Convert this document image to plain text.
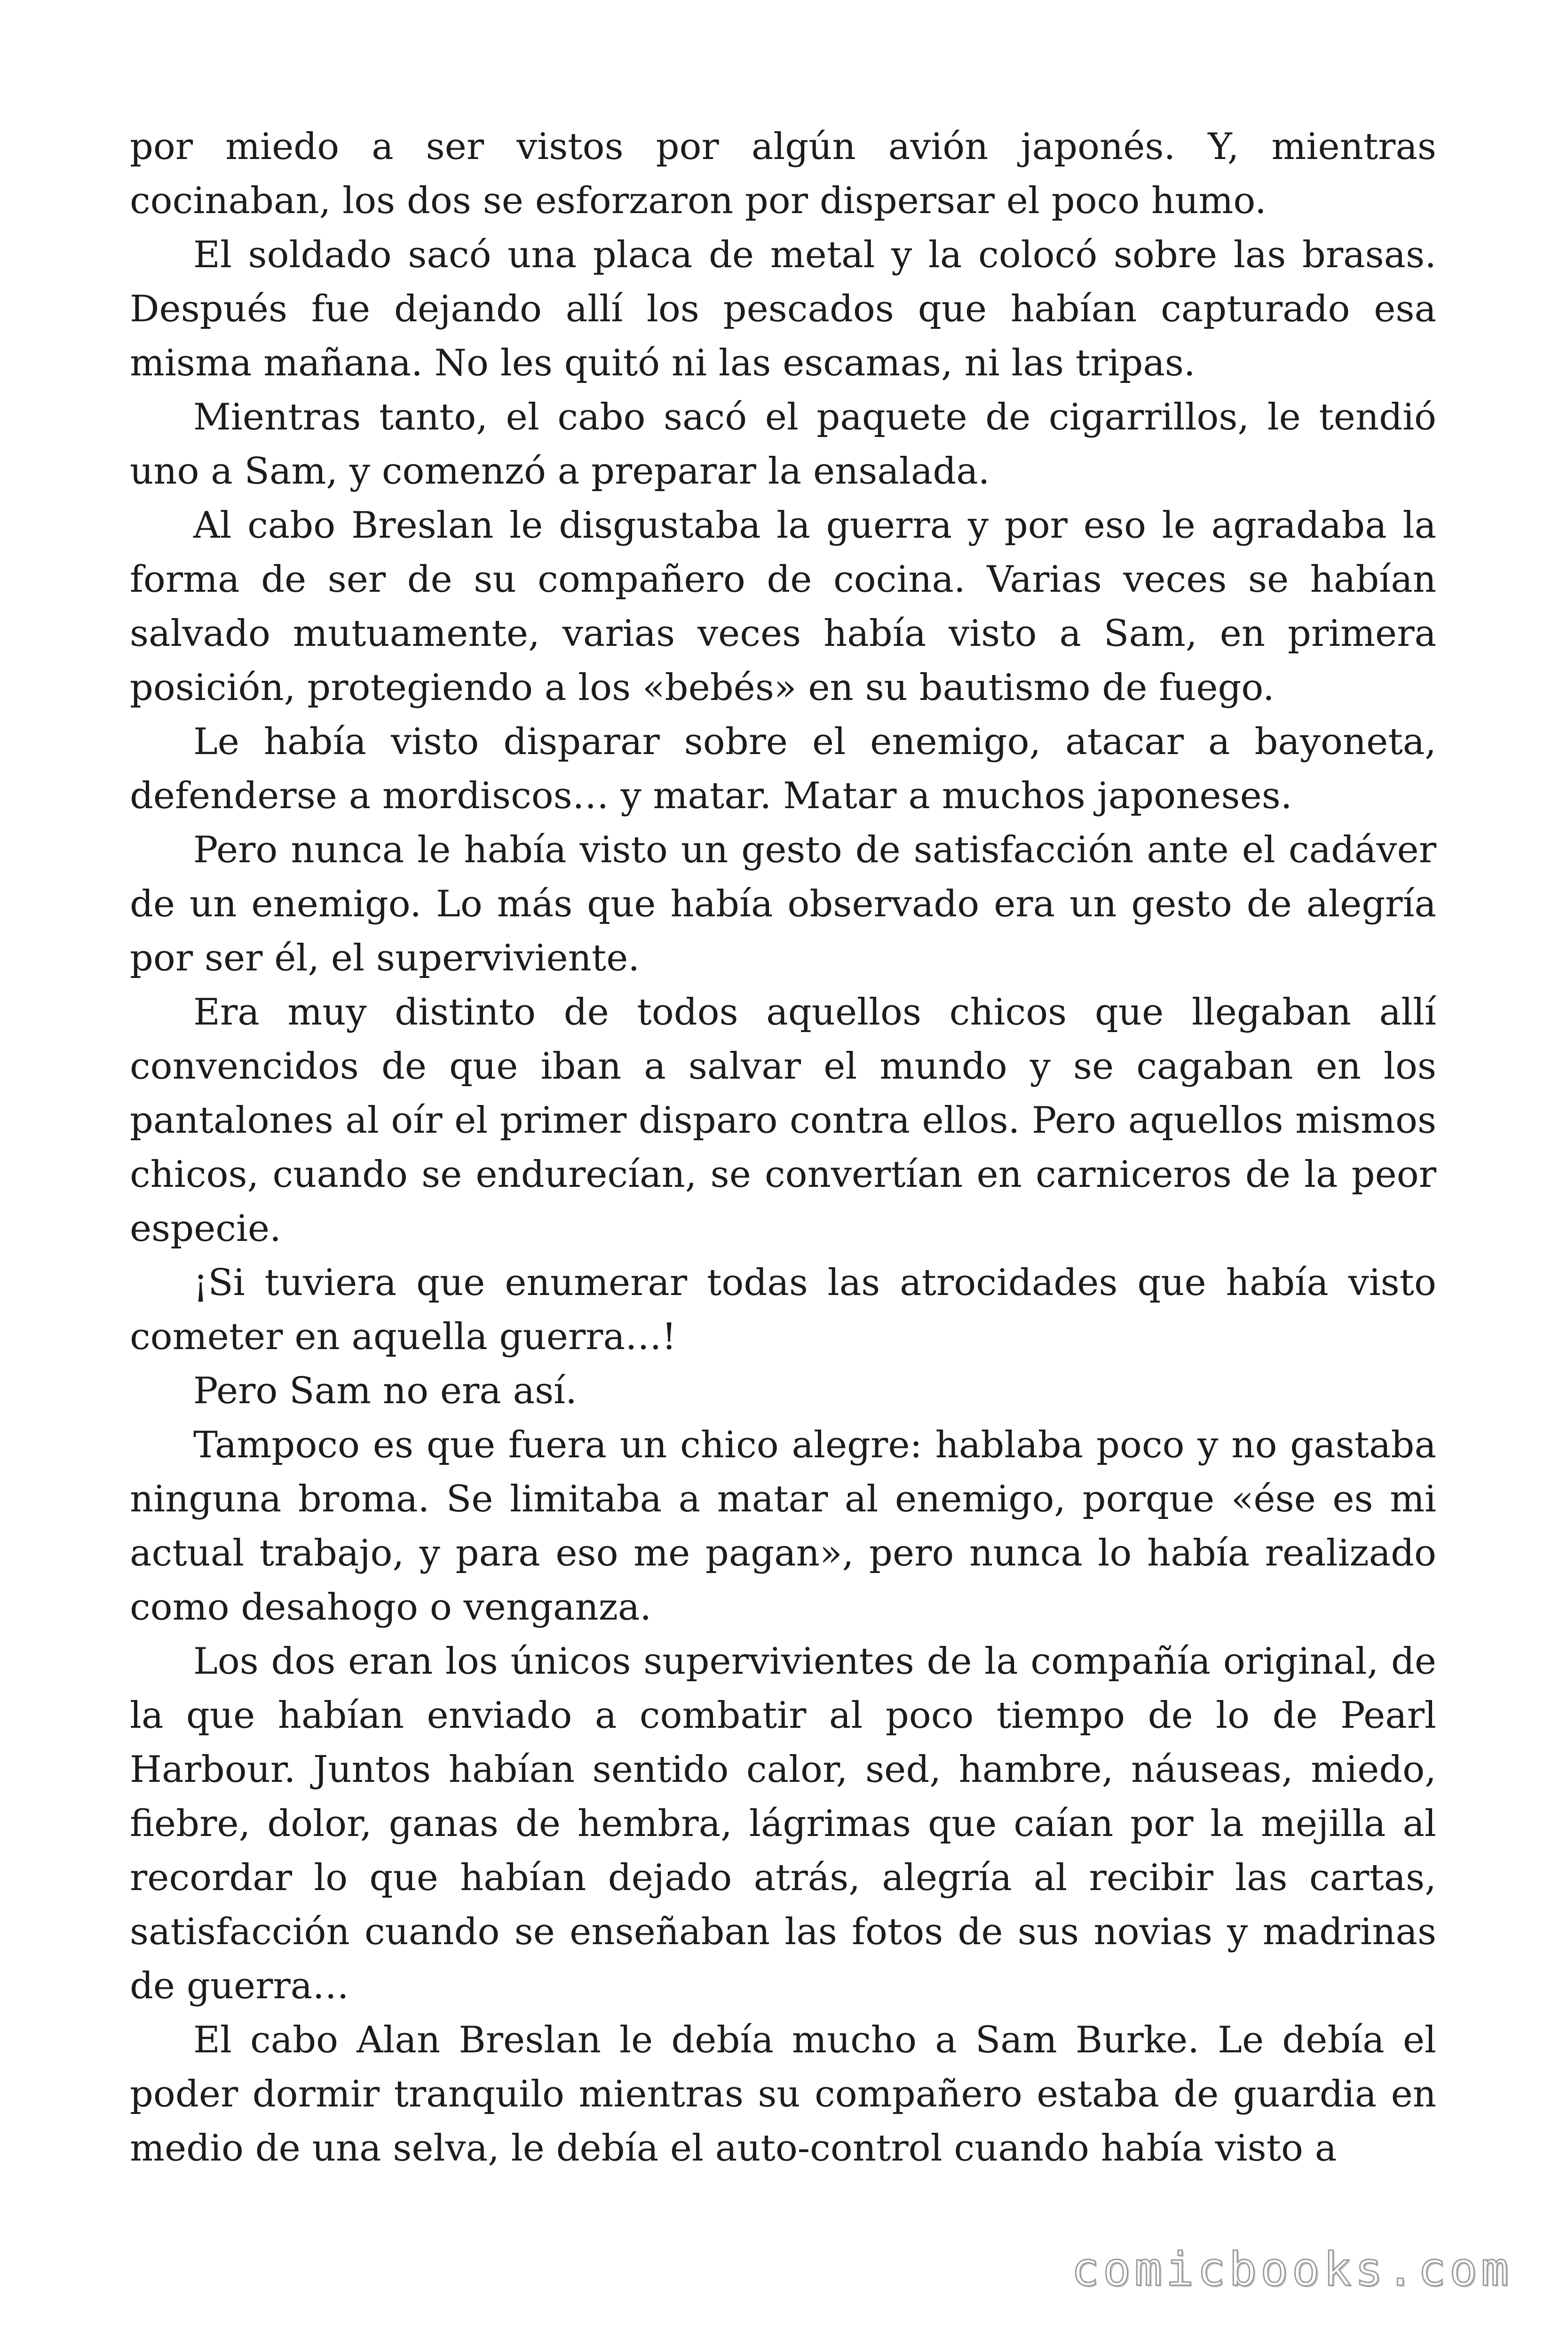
por miedo a ser vistos por algún avión japonés. Y, mientras cocinaban, los dos se esforzaron por dispersar el poco humo.

El soldado sacó una placa de metal y la colocó sobre las brasas. Después fue dejando allí los pescados que habían capturado esa misma mañana. No les quitó ni las escamas, ni las tripas.

Mientras tanto, el cabo sacó el paquete de cigarrillos, le tendió uno a Sam, y comenzó a preparar la ensalada.

Al cabo Breslan le disgustaba la guerra y por eso le agradaba la forma de ser de su compañero de cocina. Varias veces se habían salvado mutuamente, varias veces había visto a Sam, en primera posición, protegiendo a los «bebés» en su bautismo de fuego.

Le había visto disparar sobre el enemigo, atacar a bayoneta, defenderse a mordiscos… y matar. Matar a muchos japoneses.

Pero nunca le había visto un gesto de satisfacción ante el cadáver de un enemigo. Lo más que había observado era un gesto de alegría por ser él, el superviviente.

Era muy distinto de todos aquellos chicos que llegaban allí convencidos de que iban a salvar el mundo y se cagaban en los pantalones al oír el primer disparo contra ellos. Pero aquellos mismos chicos, cuando se endurecían, se convertían en carniceros de la peor especie.

¡Si tuviera que enumerar todas las atrocidades que había visto cometer en aquella guerra…!

Pero Sam no era así.

Tampoco es que fuera un chico alegre: hablaba poco y no gastaba ninguna broma. Se limitaba a matar al enemigo, porque «ése es mi actual trabajo, y para eso me pagan», pero nunca lo había realizado como desahogo o venganza.

Los dos eran los únicos supervivientes de la compañía original, de la que habían enviado a combatir al poco tiempo de lo de Pearl Harbour. Juntos habían sentido calor, sed, hambre, náuseas, miedo, fiebre, dolor, ganas de hembra, lágrimas que caían por la mejilla al recordar lo que habían dejado atrás, alegría al recibir las cartas, satisfacción cuando se enseñaban las fotos de sus novias y madrinas de guerra…

El cabo Alan Breslan le debía mucho a Sam Burke. Le debía el poder dormir tranquilo mientras su compañero estaba de guardia en medio de una selva, le debía el auto-control cuando había visto a

comicbooks.com
